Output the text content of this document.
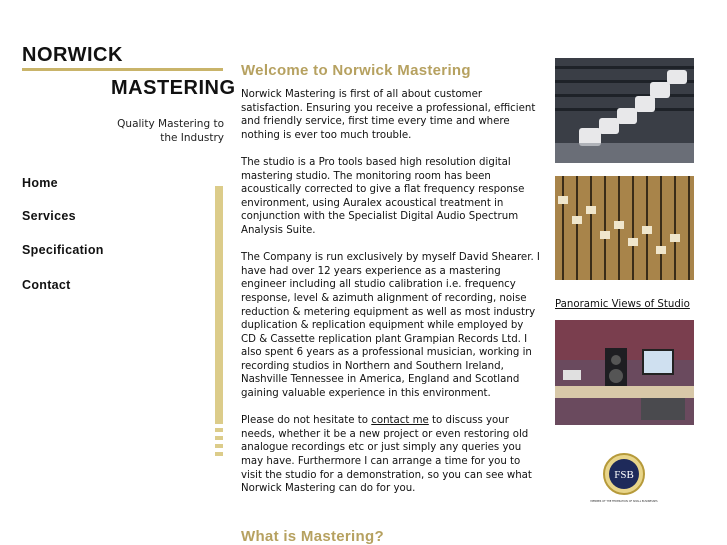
NORWICK
MASTERING
Quality Mastering to
the Industry
Home
Services
Specification
Contact
Welcome to Norwick Mastering

Norwick Mastering is first of all about customer satisfaction. Ensuring you receive a professional, efficient and friendly service, first time every time and where nothing is ever too much trouble.

The studio is a Pro tools based high resolution digital mastering studio. The monitoring room has been acoustically corrected to give a flat frequency response environment, using Auralex acoustical treatment in conjunction with the Specialist Digital Audio Spectrum Analysis Suite.

The Company is run exclusively by myself David Shearer. I have had over 12 years experience as a mastering engineer including all studio calibration i.e. frequency response, level & azimuth alignment of recording, noise reduction & metering equipment as well as most industry duplication & replication equipment while employed by CD & Cassette replication plant Grampian Records Ltd. I also spent 6 years as a professional musician, working in recording studios in Northern and Southern Ireland, Nashville Tennessee in America, England and Scotland gaining valuable experience in this environment.

Please do not hesitate to contact me to discuss your needs, whether it be a new project or even restoring old analogue recordings etc or just simply any queries you may have. Furthermore I can arrange a time for you to visit the studio for a demonstration, so you can see what Norwick Mastering can do for you.

What is Mastering?
Panoramic Views of Studio
FSB
MEMBER OF THE FEDERATION OF SMALL BUSINESSES
